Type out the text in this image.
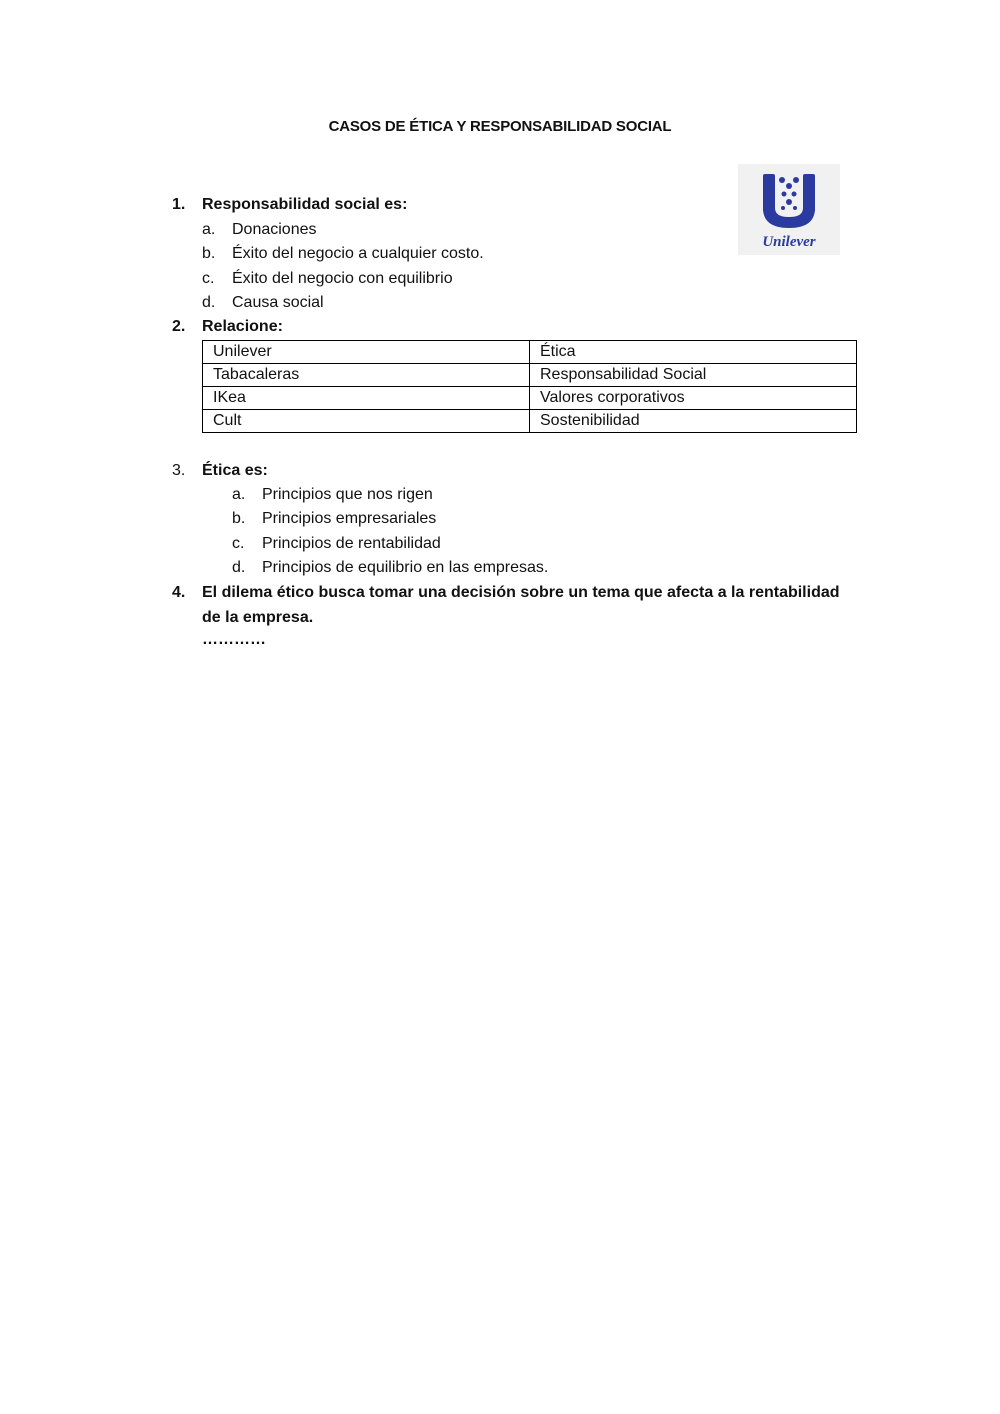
CASOS DE ÉTICA Y RESPONSABILIDAD SOCIAL
Unilever
1.	Responsabilidad social es:
a.	Donaciones
b.	Éxito del negocio a cualquier costo.
c.	Éxito del negocio con equilibrio
d.	Causa social
2.	Relacione:
Unilever	Ética
Tabacaleras	Responsabilidad Social
IKea	Valores corporativos
Cult	Sostenibilidad
3.	Ética es:
a.	Principios que nos rigen
b.	Principios empresariales
c.	Principios de rentabilidad
d.	Principios de equilibrio en las empresas.
4. El dilema ético busca tomar una decisión sobre un tema que afecta a la rentabilidad de la empresa.
…………
